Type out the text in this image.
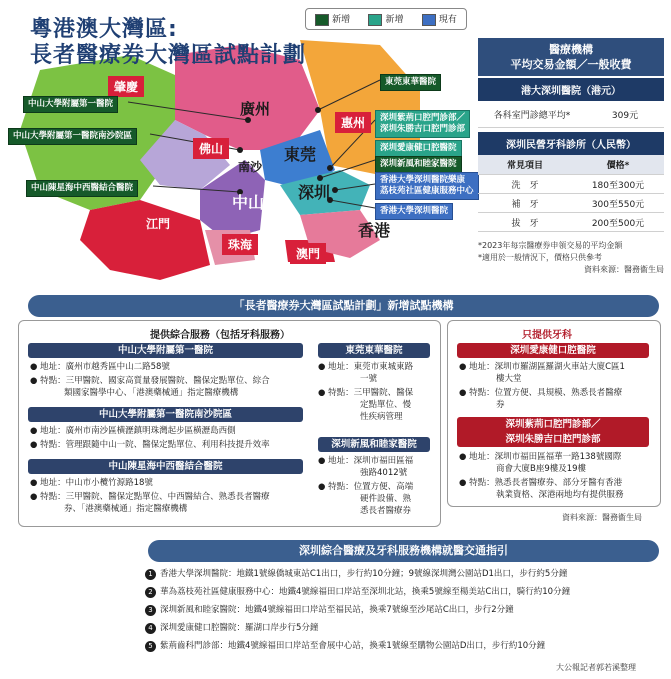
粵港澳大灣區:
長者醫療券大灣區試點計劃
新增	新增	現有
肇慶
廣州
佛山
惠州
東莞
南沙
中山
深圳
江門
珠海
澳門
香港
中山大學附屬第一醫院
中山大學附屬第一醫院南沙院區
中山陳星海中西醫結合醫院
東莞東華醫院
深圳紫荊口腔門診部／
深圳朱勝吉口腔門診部
深圳愛康健口腔醫院
深圳新風和睦家醫院
香港大學深圳醫院樂康
荔枝苑社區健康服務中心
香港大學深圳醫院
醫療機構
平均交易金額／一般收費
港大深圳醫院（港元）
各科室門診總平均*	309元
深圳民營牙科診所（人民幣）
常見項目	價格*
洗　牙	180至300元
補　牙	300至550元
拔　牙	200至500元
*2023年每宗醫療券申領交易的平均金額
*適用於一般情況下，價格只供參考
資料來源：醫務衞生局
「長者醫療券大灣區試點計劃」新增試點機構
提供綜合服務（包括牙科服務）
中山大學附屬第一醫院
● 地址：廣州市越秀區中山二路58號
● 特點：三甲醫院、國家高質量發展醫院、醫保定點單位、綜合
類國家醫學中心、「港澳藥械通」指定醫療機構
中山大學附屬第一醫院南沙院區
● 地址：廣州市南沙區横瀝鎮明珠灣起步區横瀝島西側
● 特點：管理跟隨中山一院、醫保定點單位、利用科技提升效率
中山陳星海中西醫結合醫院
● 地址：中山市小欖竹源路18號
● 特點：三甲醫院、醫保定點單位、中西醫結合、熟悉長者醫療
券、「港澳藥械通」指定醫療機構
東莞東華醫院
● 地址：東莞市東城東路
一號
● 特點：三甲醫院、醫保
定點單位、慢
性疾病管理
深圳新風和睦家醫院
● 地址：深圳市福田區福
強路4012號
● 特點：位置方便、高端
硬件設備、熟
悉長者醫療券
只提供牙科
深圳愛康健口腔醫院
● 地址：深圳市羅湖區羅湖火車站大廈C區1
樓大堂
● 特點：位置方便、具規模、熟悉長者醫療
券
深圳紫荊口腔門診部／
深圳朱勝吉口腔門診部
● 地址：深圳市福田區福華一路138號國際
商會大廈B座9樓及19樓
● 特點：熟悉長者醫療券、部分牙醫有香港
執業資格、深港兩地均有提供服務
資料來源：醫務衞生局
深圳綜合醫療及牙科服務機構就醫交通指引
1 香港大學深圳醫院：地鐵1號線僑城東站C1出口，步行約10分鐘；9號線深圳灣公園站D1出口，步行約5分鐘
2 華為荔枝苑社區健康服務中心：地鐵4號線福田口岸站至深圳北站，換乘5號線至楊美站C出口，騎行約10分鐘
3 深圳新風和睦家醫院：地鐵4號線福田口岸站至福民站，換乘7號線至沙尾站C出口，步行2分鐘
4 深圳愛康健口腔醫院：羅湖口岸步行5分鐘
5 紫荊齒科門診部：地鐵4號線福田口岸站至會展中心站，換乘1號線至購物公園站D出口，步行約10分鐘
大公報記者郭若溪整理
